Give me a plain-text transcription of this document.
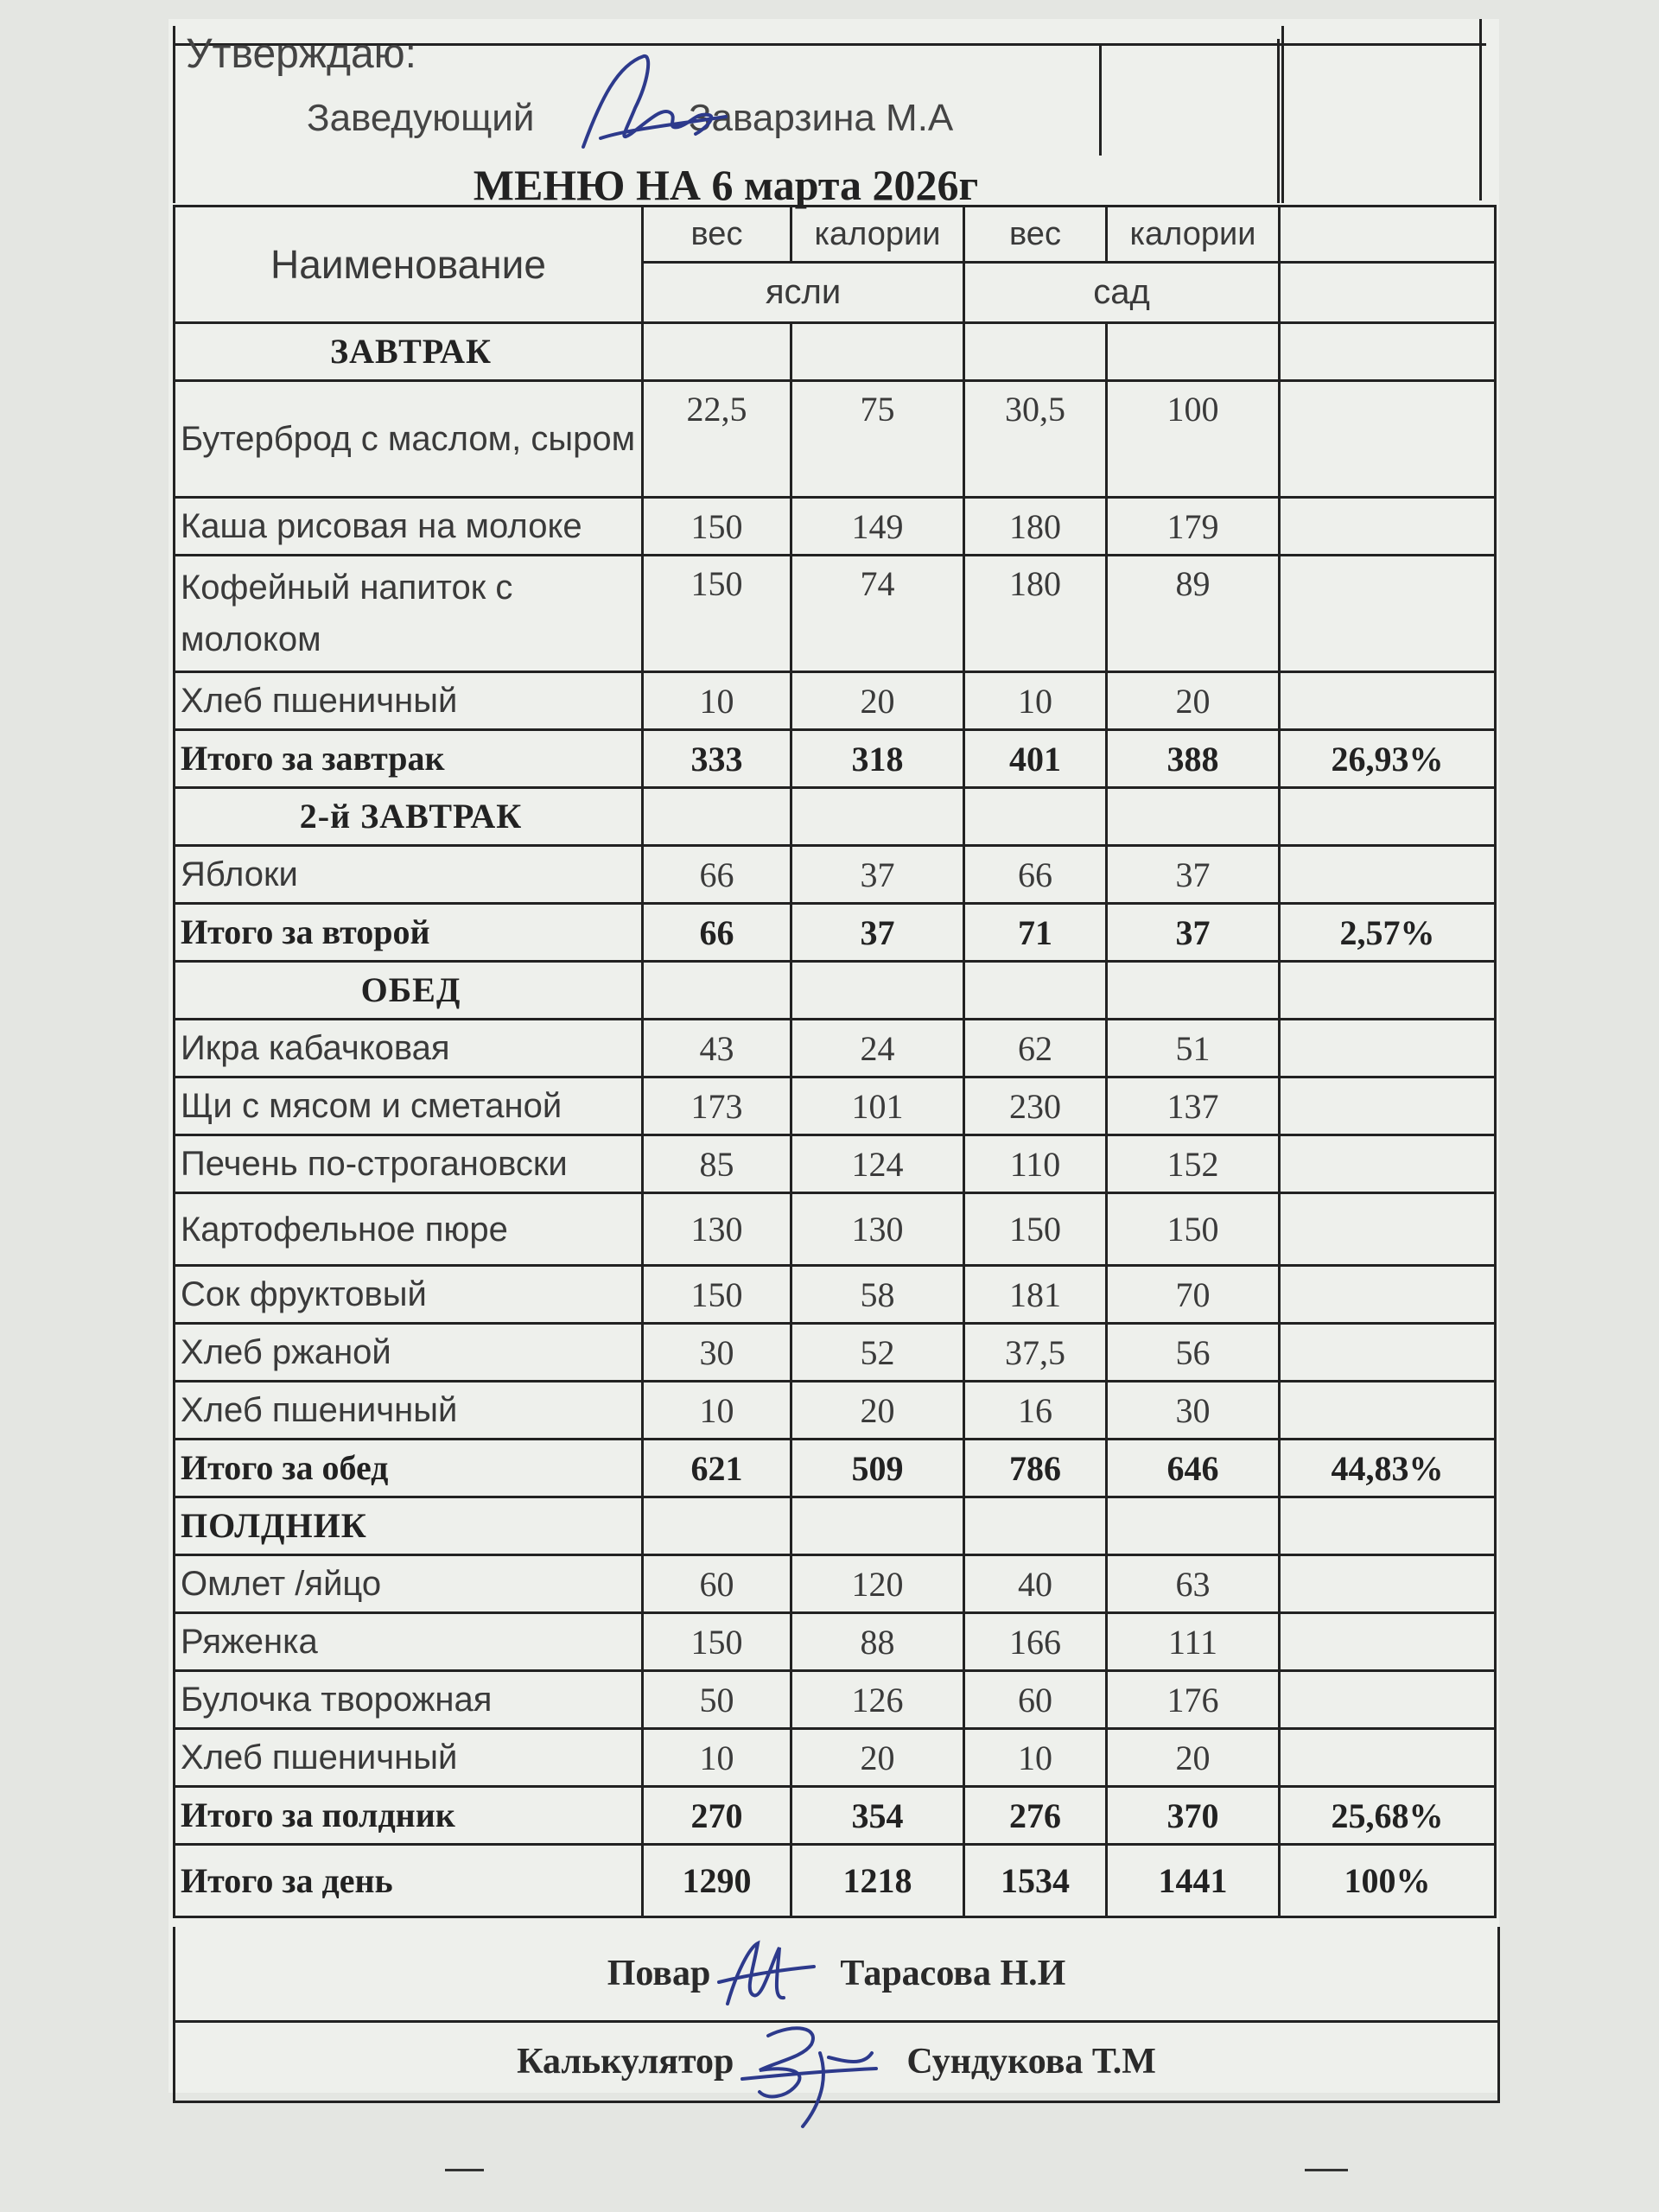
Утверждаю:
Заведующий	Заварзина М.А
МЕНЮ НА 6 марта 2026г
Наименование	вес	калории	вес	калории	
	ясли		сад		
ЗАВТРАК					
Бутерброд с маслом, сыром	22,5	75	30,5	100	
Каша рисовая на молоке	150	149	180	179	
Кофейный напиток с молоком	150	74	180	89	
Хлеб пшеничный	10	20	10	20	
Итого за завтрак	333	318	401	388	26,93%
2-й ЗАВТРАК					
Яблоки	66	37	66	37	
Итого за второй	66	37	71	37	2,57%
ОБЕД					
Икра кабачковая	43	24	62	51	
Щи с мясом и сметаной	173	101	230	137	
Печень по-строгановски	85	124	110	152	
Картофельное пюре	130	130	150	150	
Сок фруктовый	150	58	181	70	
Хлеб ржаной	30	52	37,5	56	
Хлеб пшеничный	10	20	16	30	
Итого за обед	621	509	786	646	44,83%
ПОЛДНИК					
Омлет /яйцо	60	120	40	63	
Ряженка	150	88	166	111	
Булочка творожная	50	126	60	176	
Хлеб пшеничный	10	20	10	20	
Итого за полдник	270	354	276	370	25,68%
Итого за день	1290	1218	1534	1441	100%
Повар	Тарасова Н.И
Калькулятор	Сундукова Т.М
